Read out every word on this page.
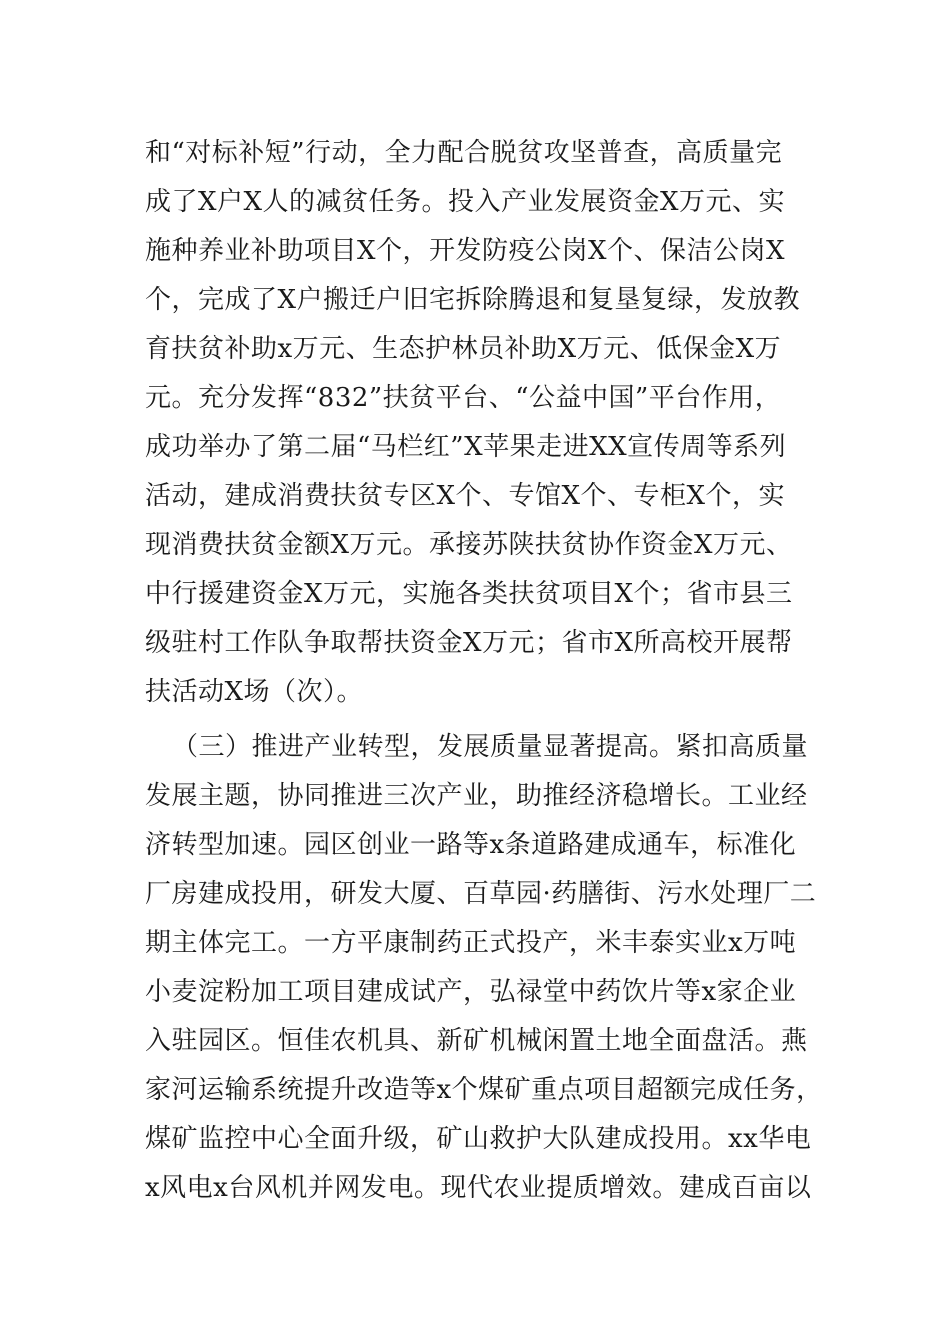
和“对标补短”行动，全力配合脱贫攻坚普查，高质量完
成了X户X人的减贫任务。投入产业发展资金X万元、实
施种养业补助项目X个，开发防疫公岗X个、保洁公岗X
个，完成了X户搬迁户旧宅拆除腾退和复垦复绿，发放教
育扶贫补助x万元、生态护林员补助X万元、低保金X万
元。充分发挥“832”扶贫平台、“公益中国”平台作用，
成功举办了第二届“马栏红”X苹果走进XX宣传周等系列
活动，建成消费扶贫专区X个、专馆X个、专柜X个，实
现消费扶贫金额X万元。承接苏陕扶贫协作资金X万元、
中行援建资金X万元，实施各类扶贫项目X个；省市县三
级驻村工作队争取帮扶资金X万元；省市X所高校开展帮
扶活动X场（次）。
（三）推进产业转型，发展质量显著提高。紧扣高质量
发展主题，协同推进三次产业，助推经济稳增长。工业经
济转型加速。园区创业一路等x条道路建成通车，标准化
厂房建成投用，研发大厦、百草园·药膳街、污水处理厂二
期主体完工。一方平康制药正式投产，米丰泰实业x万吨
小麦淀粉加工项目建成试产，弘禄堂中药饮片等x家企业
入驻园区。恒佳农机具、新矿机械闲置土地全面盘活。燕
家河运输系统提升改造等x个煤矿重点项目超额完成任务，
煤矿监控中心全面升级，矿山救护大队建成投用。xx华电
x风电x台风机并网发电。现代农业提质增效。建成百亩以
